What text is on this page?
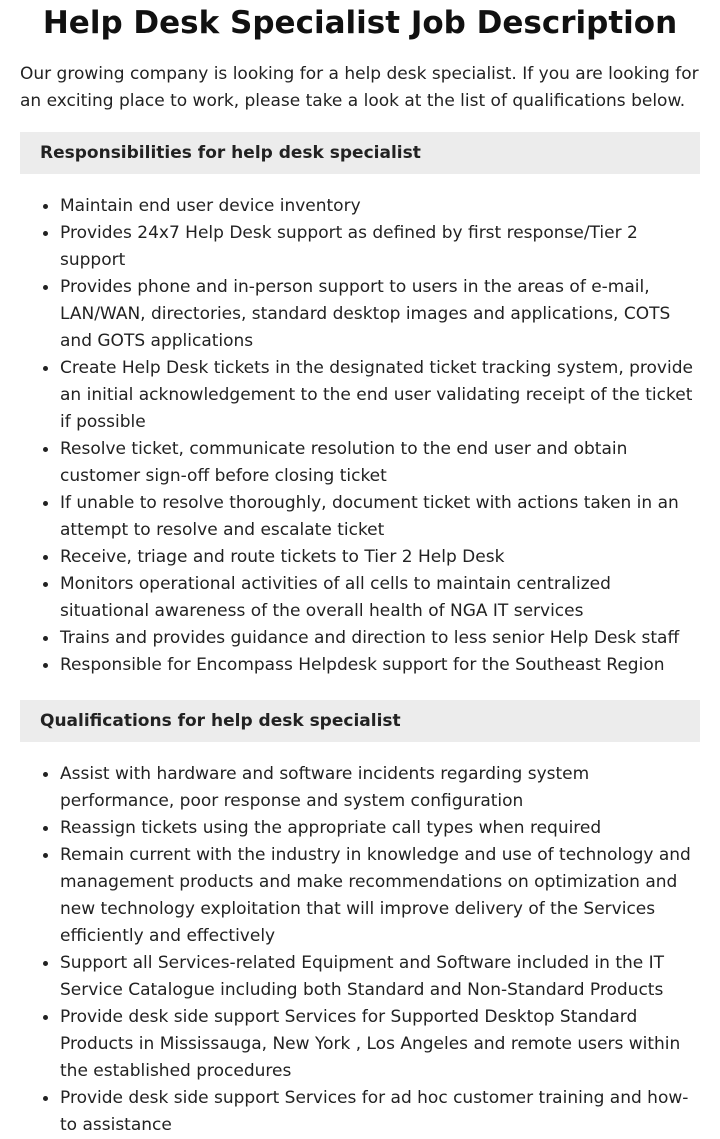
Help Desk Specialist Job Description

Our growing company is looking for a help desk specialist. If you are looking for an exciting place to work, please take a look at the list of qualifications below.

Responsibilities for help desk specialist
Maintain end user device inventory
Provides 24x7 Help Desk support as defined by first response/Tier 2 support
Provides phone and in-person support to users in the areas of e-mail, LAN/WAN, directories, standard desktop images and applications, COTS and GOTS applications
Create Help Desk tickets in the designated ticket tracking system, provide an initial acknowledgement to the end user validating receipt of the ticket if possible
Resolve ticket, communicate resolution to the end user and obtain customer sign-off before closing ticket
If unable to resolve thoroughly, document ticket with actions taken in an attempt to resolve and escalate ticket
Receive, triage and route tickets to Tier 2 Help Desk
Monitors operational activities of all cells to maintain centralized situational awareness of the overall health of NGA IT services
Trains and provides guidance and direction to less senior Help Desk staff
Responsible for Encompass Helpdesk support for the Southeast Region
Qualifications for help desk specialist
Assist with hardware and software incidents regarding system performance, poor response and system configuration
Reassign tickets using the appropriate call types when required
Remain current with the industry in knowledge and use of technology and management products and make recommendations on optimization and new technology exploitation that will improve delivery of the Services efficiently and effectively
Support all Services-related Equipment and Software included in the IT Service Catalogue including both Standard and Non-Standard Products
Provide desk side support Services for Supported Desktop Standard Products in Mississauga, New York , Los Angeles and remote users within the established procedures
Provide desk side support Services for ad hoc customer training and how-to assistance
